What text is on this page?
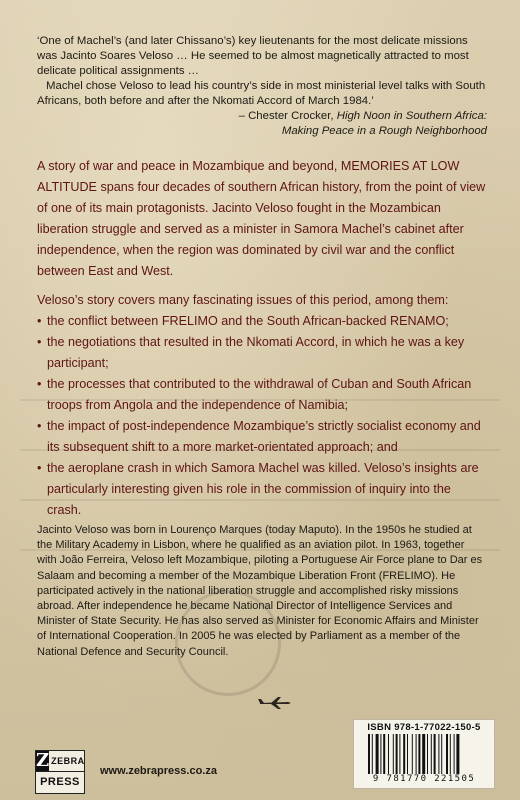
‘One of Machel’s (and later Chissano’s) key lieutenants for the most delicate missions was Jacinto Soares Veloso … He seemed to be almost magnetically attracted to most delicate political assignments …

Machel chose Veloso to lead his country’s side in most ministerial level talks with South Africans, both before and after the Nkomati Accord of March 1984.’

– Chester Crocker, High Noon in Southern Africa:

Making Peace in a Rough Neighborhood

A story of war and peace in Mozambique and beyond, MEMORIES AT LOW ALTITUDE spans four decades of southern African history, from the point of view of one of its main protagonists. Jacinto Veloso fought in the Mozambican liberation struggle and served as a minister in Samora Machel’s cabinet after independence, when the region was dominated by civil war and the conflict between East and West.

Veloso’s story covers many fascinating issues of this period, among them:

• the conflict between FRELIMO and the South African-backed RENAMO;
• the negotiations that resulted in the Nkomati Accord, in which he was a key participant;
• the processes that contributed to the withdrawal of Cuban and South African troops from Angola and the independence of Namibia;
• the impact of post-independence Mozambique’s strictly socialist economy and its subsequent shift to a more market-orientated approach; and
• the aeroplane crash in which Samora Machel was killed. Veloso’s insights are particularly interesting given his role in the commission of inquiry into the crash.

Jacinto Veloso was born in Lourenço Marques (today Maputo). In the 1950s he studied at the Military Academy in Lisbon, where he qualified as an aviation pilot. In 1963, together with João Ferreira, Veloso left Mozambique, piloting a Portuguese Air Force plane to Dar es Salaam and becoming a member of the Mozambique Liberation Front (FRELIMO). He participated actively in the national liberation struggle and accomplished risky missions abroad. After independence he became National Director of Intelligence Services and Minister of State Security. He has also served as Minister for Economic Affairs and Minister of International Cooperation. In 2005 he was elected by Parliament as a member of the National Defence and Security Council.

Z ZEBRA
PRESS
www.zebrapress.co.za
ISBN 978-1-77022-150-5
9 781770 221505
